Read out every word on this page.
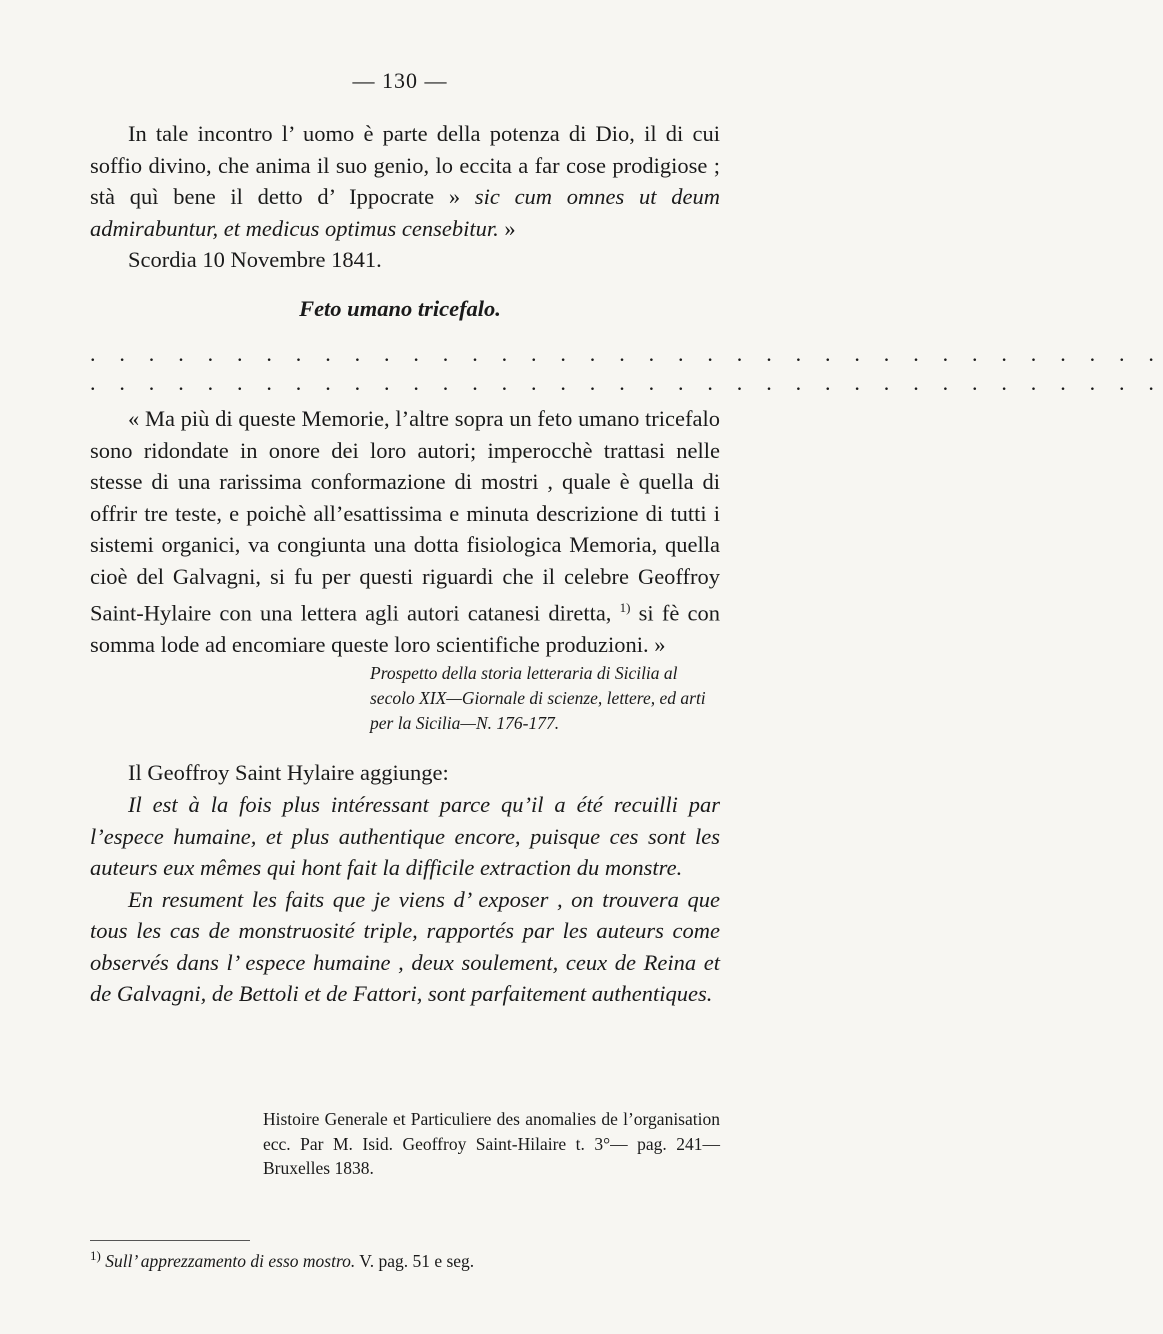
— 130 —

In tale incontro l’ uomo è parte della potenza di Dio, il di cui soffio divino, che anima il suo genio, lo eccita a far cose prodigiose ; stà quì bene il detto d’ Ippocrate » sic cum omnes ut deum admirabuntur, et medicus optimus censebitur. »

Scordia 10 Novembre 1841.

Feto umano tricefalo.
. . . . . . . . . . . . . . . . . . . . . . . . . . . . . . . . . . . . .
. . . . . . . . . . . . . . . . . . . . . . . . . . . . . . . . . . . . .

« Ma più di queste Memorie, l’altre sopra un feto umano tricefalo sono ridondate in onore dei loro autori; imperocchè trattasi nelle stesse di una rarissima conformazione di mostri , quale è quella di offrir tre teste, e poichè all’esattissima e minuta descrizione di tutti i sistemi organici, va congiunta una dotta fisiologica Memoria, quella cioè del Galvagni, si fu per questi riguardi che il celebre Geoffroy Saint-Hylaire con una lettera agli autori catanesi diretta, $^{1)}$ si fè con somma lode ad encomiare queste loro scientifiche produzioni. »

Prospetto della storia letteraria di Sicilia al secolo XIX—Giornale di scienze, lettere, ed arti per la Sicilia—N. 176-177.

Il Geoffroy Saint Hylaire aggiunge:

Il est à la fois plus intéressant parce qu’il a été recuilli par l’espece humaine, et plus authentique encore, puisque ces sont les auteurs eux mêmes qui hont fait la difficile extraction du monstre.

En resument les faits que je viens d’ exposer , on trouvera que tous les cas de monstruosité triple, rapportés par les auteurs come observés dans l’ espece humaine , deux soulement, ceux de Reina et de Galvagni, de Bettoli et de Fattori, sont parfaitement authentiques.

Histoire Generale et Particuliere des anomalies de l’organisation ecc. Par M. Isid. Geoffroy Saint-Hilaire t. 3°— pag. 241—Bruxelles 1838.

$^{1)}$ Sull’ apprezzamento di esso mostro. V. pag. 51 e seg.
